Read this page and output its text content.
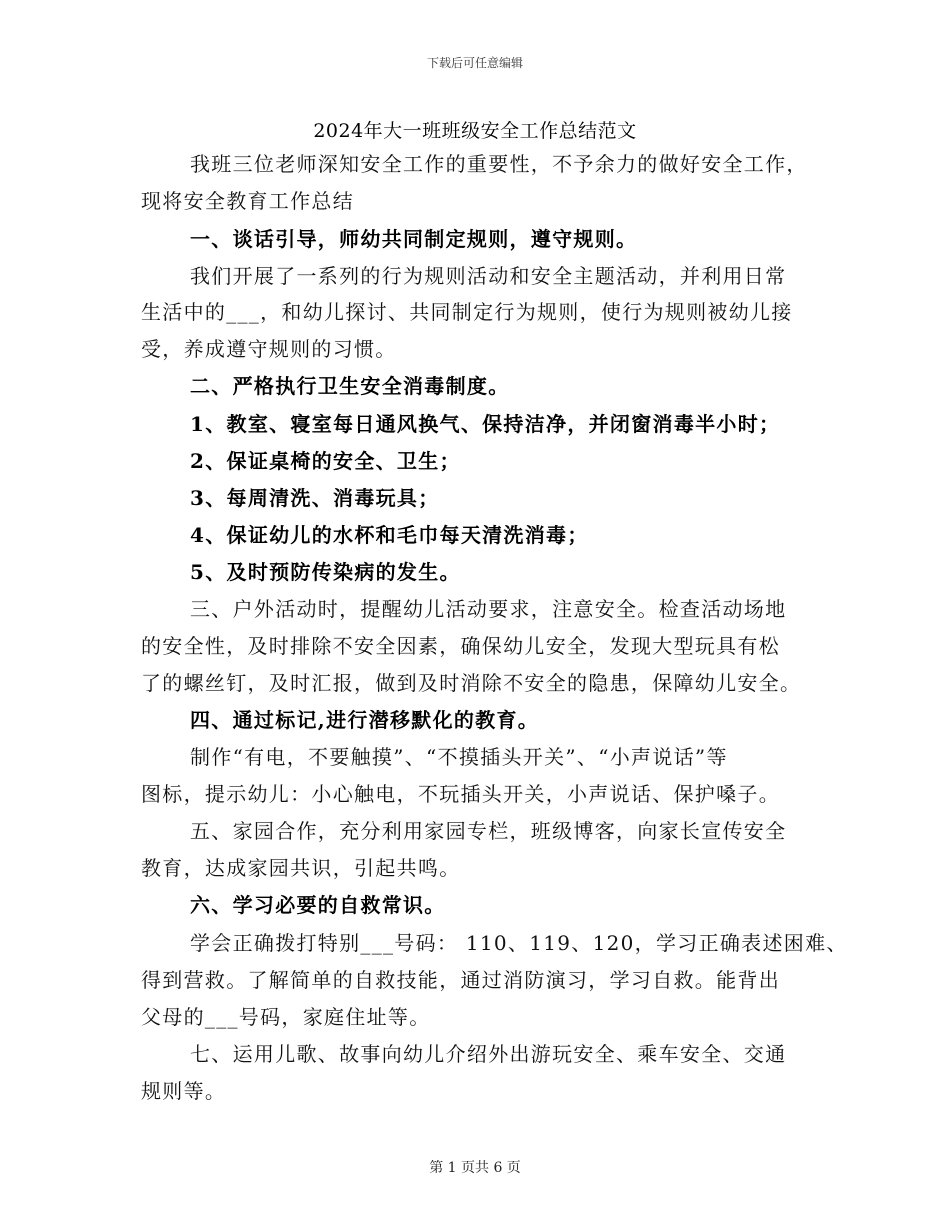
下载后可任意编辑
2024年大一班班级安全工作总结范文
我班三位老师深知安全工作的重要性，不予余力的做好安全工作，
现将安全教育工作总结
一、谈话引导，师幼共同制定规则，遵守规则。
我们开展了一系列的行为规则活动和安全主题活动，并利用日常
生活中的___，和幼儿探讨、共同制定行为规则，使行为规则被幼儿接
受，养成遵守规则的习惯。
二、严格执行卫生安全消毒制度。
1、教室、寝室每日通风换气、保持洁净，并闭窗消毒半小时；
2、保证桌椅的安全、卫生；
3、每周清洗、消毒玩具；
4、保证幼儿的水杯和毛巾每天清洗消毒；
5、及时预防传染病的发生。
三、户外活动时，提醒幼儿活动要求，注意安全。检查活动场地
的安全性，及时排除不安全因素，确保幼儿安全，发现大型玩具有松
了的螺丝钉，及时汇报，做到及时消除不安全的隐患，保障幼儿安全。
四、通过标记,进行潜移默化的教育。
制作“有电，不要触摸”、“不摸插头开关”、“小声说话”等
图标，提示幼儿：小心触电，不玩插头开关，小声说话、保护嗓子。
五、家园合作，充分利用家园专栏，班级博客，向家长宣传安全
教育，达成家园共识，引起共鸣。
六、学习必要的自救常识。
学会正确拨打特别___号码： 110、119、120，学习正确表述困难、
得到营救。了解简单的自救技能，通过消防演习，学习自救。能背出
父母的___号码，家庭住址等。
七、运用儿歌、故事向幼儿介绍外出游玩安全、乘车安全、交通
规则等。
第 1 页共 6 页
